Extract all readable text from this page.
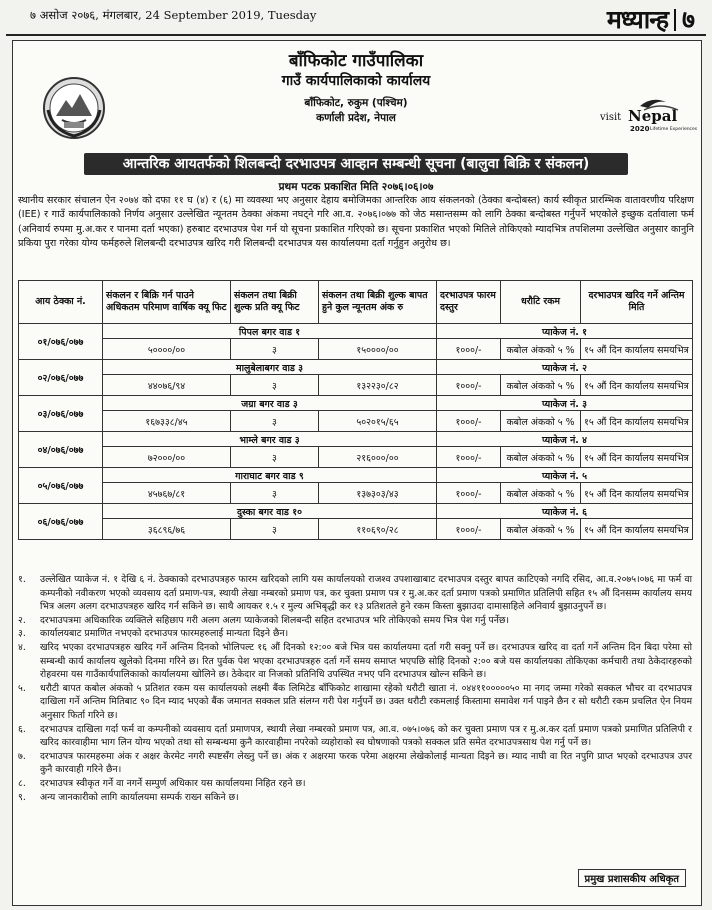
७ असोज २०७६, मंगलबार, 24 September 2019, Tuesday	मध्यान्ह ७
visit Nepal
2020 Lifetime Experiences
बाँफिकोट गाउँपालिका
गाउँ कार्यपालिकाको कार्यालय
बाँफिकोट, रुकुम (पश्चिम)
कर्णाली प्रदेश, नेपाल
आन्तरिक आयतर्फको शिलबन्दी दरभाउपत्र आव्हान सम्बन्धी सूचना (बालुवा बिक्रि र संकलन)
प्रथम पटक प्रकाशित मिति २०७६।०६।०७
स्थानीय सरकार संचालन ऐन २०७४ को दफा ११ घ (४) र (६) मा व्यवस्था भए अनुसार देहाय बमोजिमका आन्तरिक आय संकलनको (ठेक्का बन्दोबस्त) कार्य स्वीकृत प्रारम्भिक वातावरणीय परिक्षण (IEE) र गाउँ कार्यपालिकाको निर्णय अनुसार उल्लेखित न्यूनतम ठेक्का अंकमा नघट्ने गरि आ.व. २०७६।०७७ को जेठ मसान्तसम्म को लागि ठेक्का बन्दोबस्त गर्नुपर्ने भएकोले इच्छुक दर्तावाला फर्म (अनिवार्य रुपमा मु.अ.कर र पानमा दर्ता भएका) हरुबाट दरभाउपत्र पेश गर्न यो सूचना प्रकाशित गरिएको छ। सूचना प्रकाशित भएको मितिले तोकिएको म्यादभित्र तपशिलमा उल्लेखित अनुसार कानुनि प्रकिया पुरा गरेका योग्य फर्महरुले शिलबन्दी दरभाउपत्र खरिद गरी शिलबन्दी दरभाउपत्र यस कार्यालयमा दर्ता गर्नुहुन अनुरोध छ।
आय ठेक्का नं.	संकलन र बिक्रि गर्न पाउने अधिकतम परिमाण वार्षिक क्यू फिट	संकलन तथा बिक्री शुल्क प्रति क्यू फिट	संकलन तथा बिक्री शुल्क बापत हुने कुल न्यूनतम अंक रु	दरभाउपत्र फारम दस्तुर	धरौटि रकम	दरभाउपत्र खरिद गर्ने अन्तिम मिति
०१/०७६/०७७	पिपल बगर वाड १			प्याकेज नं. १		
	५००००/००	३	१५००००/००	१०००/-	कबोल अंकको ५ %	१५ औं दिन कार्यालय समयभित्र
०२/०७६/०७७	मालुबेलाबगर वाड ३			प्याकेज नं. २		
	४४०७६/९४	३	१३२२३०/८२	१०००/-	कबोल अंकको ५ %	१५ औं दिन कार्यालय समयभित्र
०३/०७६/०७७	जग्रा बगर वाड ३			प्याकेज नं. ३		
	१६७३३८/४५	३	५०२०१५/६५	१०००/-	कबोल अंकको ५ %	१५ औं दिन कार्यालय समयभित्र
०४/०७६/०७७	भाम्ले बगर वाड ३			प्याकेज नं. ४		
	७२०००/००	३	२१६०००/००	१०००/-	कबोल अंकको ५ %	१५ औं दिन कार्यालय समयभित्र
०५/०७६/०७७	गाराघाट बगर वाड ९			प्याकेज नं. ५		
	४५७६७/८१	३	१३७३०३/४३	१०००/-	कबोल अंकको ५ %	१५ औं दिन कार्यालय समयभित्र
०६/०७६/०७७	दुस्का बगर वाड १०			प्याकेज नं. ६		
	३६८९६/७६	३	११०६९०/२८	१०००/-	कबोल अंकको ५ %	१५ औं दिन कार्यालय समयभित्र
१.	उल्लेखित प्याकेज नं. १ देखि ६ नं. ठेक्काको दरभाउपत्रहरु फारम खरिदको लागि यस कार्यालयको राजश्व उपशाखाबाट दरभाउपत्र दस्तुर बापत काटिएको नगदि रसिद, आ.व.२०७५।०७६ मा फर्म वा कम्पनीको नवीकरण भएको व्यवसाय दर्ता प्रमाण-पत्र, स्थायी लेखा नम्बरको प्रमाण पत्र, कर चुक्ता प्रमाण पत्र र मु.अ.कर दर्ता प्रमाण पत्रको प्रमाणित प्रतिलिपी सहित १५ औं दिनसम्म कार्यालय समय भित्र अलग अलग दरभाउपत्रहरु खरिद गर्न सकिने छ। साथै आयकर १.५ र मुल्य अभिबृद्धी कर १३ प्रतिशतले हुने रकम किस्ता बुझाउदा दामासाहिले अनिवार्य बुझाउनुपर्ने छ।
२.	दरभाउपत्रमा अधिकारिक व्यक्तिले सहिछाप गरी अलग अलग प्याकेजको शिलबन्दी सहित दरभाउपत्र भरि तोकिएको समय भित्र पेश गर्नु पर्नेछ।
३.	कार्यालयबाट प्रमाणित नभएको दरभाउपत्र फारमहरुलाई मान्यता दिइने छैन।
४.	खरिद भएका दरभाउपत्रहरु खरिद गर्ने अन्तिम दिनको भोलिपल्ट १६ औं दिनको १२:०० बजे भित्र यस कार्यालयमा दर्ता गरी सक्नु पर्ने छ। दरभाउपत्र खरिद वा दर्ता गर्ने अन्तिम दिन बिदा परेमा सो सम्बन्धी कार्य कार्यालय खुलेको दिनमा गरिने छ। रित पुर्वक पेश भएका दरभाउपत्रहरु दर्ता गर्ने समय समाप्त भएपछि सोहि दिनको २:०० बजे यस कार्यालयका तोकिएका कर्मचारी तथा ठेकेदारहरुको रोहवरमा यस गाउँकार्यपालिकाको कार्यालयमा खोलिने छ। ठेकेदार वा निजको प्रतिनिधि उपस्थित नभए पनि दरभाउपत्र खोल्न सकिने छ।
५.	धरौटी बापत कबोल अंकको ५ प्रतिशत रकम यस कार्यालयको लक्ष्मी बैंक लिमिटेड बाँफिकोट शाखामा रहेको धरौटी खाता नं. ०४४११०००००५० मा नगद जम्मा गरेको सक्कल भौचर वा दरभाउपत्र दाखिला गर्ने अन्तिम मितिबाट ९० दिन म्याद भएको बैंक जमानत सक्कल प्रति संलग्न गरी पेश गर्नुपर्ने छ। उक्त धरौटी रकमलाई किस्तामा समावेश गर्न पाइने छैन र सो धरौटी रकम प्रचलित ऐन नियम अनुसार फिर्ता गरिने छ।
६.	दरभाउपत्र दाखिला गर्दा फर्म वा कम्पनीको व्यवसाय दर्ता प्रमाणपत्र, स्थायी लेखा नम्बरको प्रमाण पत्र, आ.व. ०७५।०७६ को कर चुक्ता प्रमाण पत्र र मु.अ.कर दर्ता प्रमाण पत्रको प्रमाणित प्रतिलिपी र खरिद कारवाहीमा भाग लिन योग्य भएको तथा सो सम्बन्धमा कुनै कारवाहीमा नपरेको व्यहोराको स्व घोषणाको पत्रको सक्कल प्रति समेत दरभाउपत्रसाथ पेश गर्नु पर्ने छ।
७.	दरभाउपत्र फारमहरुमा अंक र अक्षर केरमेट नगरी स्पष्टसँग लेख्नु पर्ने छ। अंक र अक्षरमा फरक परेमा अक्षरमा लेखेकोलाई मान्यता दिइने छ। म्याद नाघी वा रित नपुगि प्राप्त भएको दरभाउपत्र उपर कुनै कारवाही गरिने छैन।
८.	दरभाउपत्र स्वीकृत गर्ने वा नगर्ने सम्पुर्ण अधिकार यस कार्यालयमा निहित रहने छ।
९.	अन्य जानकारीको लागि कार्यालयमा सम्पर्क राख्न सकिने छ।
प्रमुख प्रशासकीय अधिकृत
